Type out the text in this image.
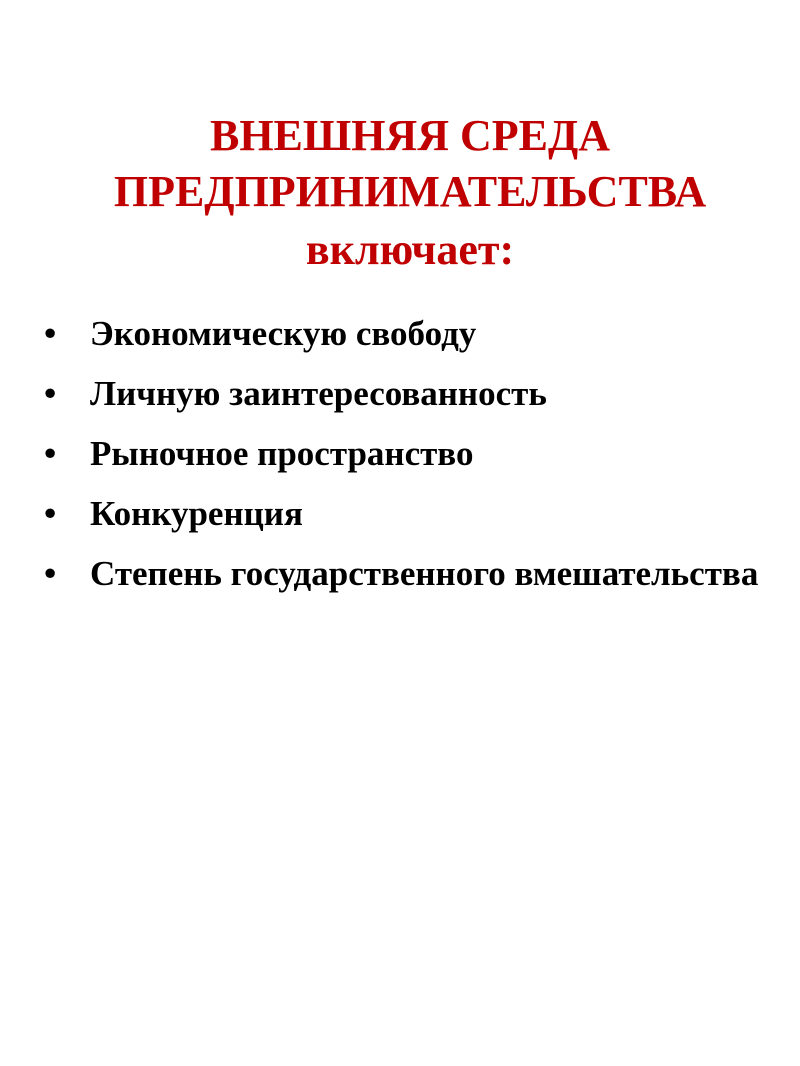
ВНЕШНЯЯ СРЕДА
ПРЕДПРИНИМАТЕЛЬСТВА
включает:
• Экономическую свободу
• Личную заинтересованность
• Рыночное пространство
• Конкуренция
• Степень государственного вмешательства
